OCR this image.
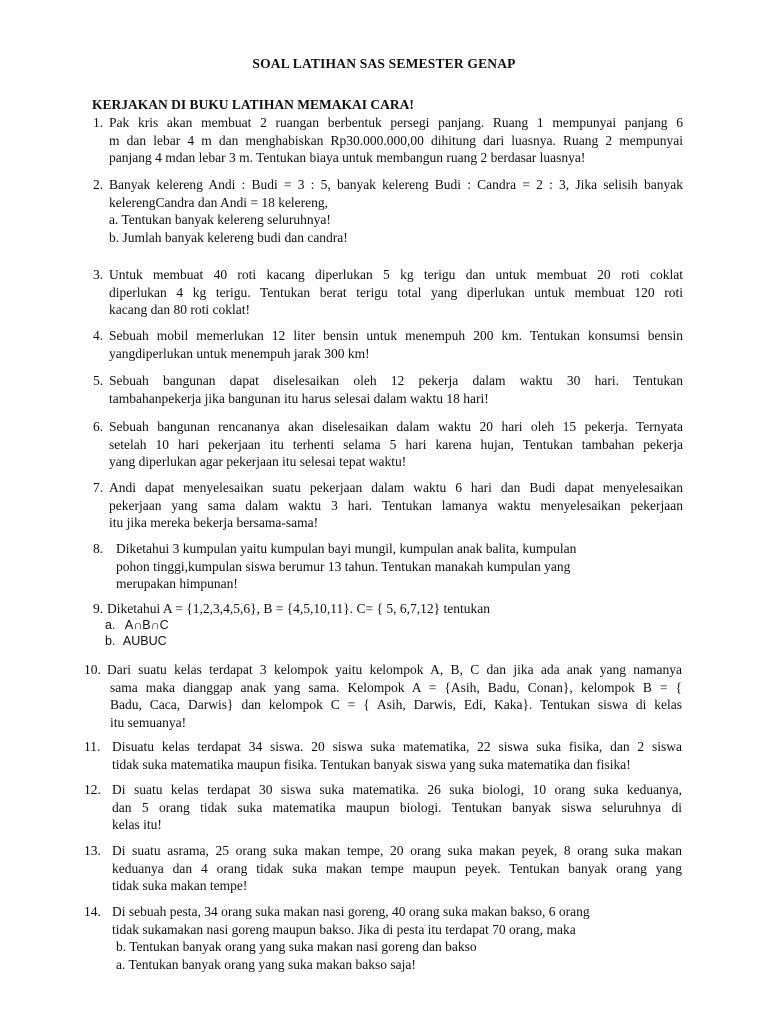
SOAL LATIHAN SAS SEMESTER GENAP
KERJAKAN DI BUKU LATIHAN MEMAKAI CARA!
1. Pak kris akan membuat 2 ruangan berbentuk persegi panjang. Ruang 1 mempunyai panjang 6
m dan lebar 4 m dan menghabiskan Rp30.000.000,00 dihitung dari luasnya. Ruang 2 mempunyai
panjang 4 mdan lebar 3 m. Tentukan biaya untuk membangun ruang 2 berdasar luasnya!
2. Banyak kelereng Andi : Budi = 3 : 5, banyak kelereng Budi : Candra = 2 : 3, Jika selisih banyak
kelerengCandra dan Andi = 18 kelereng,
a. Tentukan banyak kelereng seluruhnya!
b. Jumlah banyak kelereng budi dan candra!
3. Untuk membuat 40 roti kacang diperlukan 5 kg terigu dan untuk membuat 20 roti coklat
diperlukan 4 kg terigu. Tentukan berat terigu total yang diperlukan untuk membuat 120 roti
kacang dan 80 roti coklat!
4. Sebuah mobil memerlukan 12 liter bensin untuk menempuh 200 km. Tentukan konsumsi bensin
yangdiperlukan untuk menempuh jarak 300 km!
5. Sebuah bangunan dapat diselesaikan oleh 12 pekerja dalam waktu 30 hari. Tentukan
tambahanpekerja jika bangunan itu harus selesai dalam waktu 18 hari!
6. Sebuah bangunan rencananya akan diselesaikan dalam waktu 20 hari oleh 15 pekerja. Ternyata
setelah 10 hari pekerjaan itu terhenti selama 5 hari karena hujan, Tentukan tambahan pekerja
yang diperlukan agar pekerjaan itu selesai tepat waktu!
7. Andi dapat menyelesaikan suatu pekerjaan dalam waktu 6 hari dan Budi dapat menyelesaikan
pekerjaan yang sama dalam waktu 3 hari. Tentukan lamanya waktu menyelesaikan pekerjaan
itu jika mereka bekerja bersama-sama!
8. Diketahui 3 kumpulan yaitu kumpulan bayi mungil, kumpulan anak balita, kumpulan
pohon tinggi,kumpulan siswa berumur 13 tahun. Tentukan manakah kumpulan yang
merupakan himpunan!
9. Diketahui A = {1,2,3,4,5,6}, B = {4,5,10,11}. C= { 5, 6,7,12} tentukan
a. A∩B∩C
b. AUBUC
10. Dari suatu kelas terdapat 3 kelompok yaitu kelompok A, B, C dan jika ada anak yang namanya
sama maka dianggap anak yang sama. Kelompok A = {Asih, Badu, Conan}, kelompok B = {
Badu, Caca, Darwis} dan kelompok C = { Asih, Darwis, Edi, Kaka}. Tentukan siswa di kelas
itu semuanya!
11. Disuatu kelas terdapat 34 siswa. 20 siswa suka matematika, 22 siswa suka fisika, dan 2 siswa
tidak suka matematika maupun fisika. Tentukan banyak siswa yang suka matematika dan fisika!
12. Di suatu kelas terdapat 30 siswa suka matematika. 26 suka biologi, 10 orang suka keduanya,
dan 5 orang tidak suka matematika maupun biologi. Tentukan banyak siswa seluruhnya di
kelas itu!
13. Di suatu asrama, 25 orang suka makan tempe, 20 orang suka makan peyek, 8 orang suka makan
keduanya dan 4 orang tidak suka makan tempe maupun peyek. Tentukan banyak orang yang
tidak suka makan tempe!
14. Di sebuah pesta, 34 orang suka makan nasi goreng, 40 orang suka makan bakso, 6 orang
tidak sukamakan nasi goreng maupun bakso. Jika di pesta itu terdapat 70 orang, maka
b. Tentukan banyak orang yang suka makan nasi goreng dan bakso
a. Tentukan banyak orang yang suka makan bakso saja!
